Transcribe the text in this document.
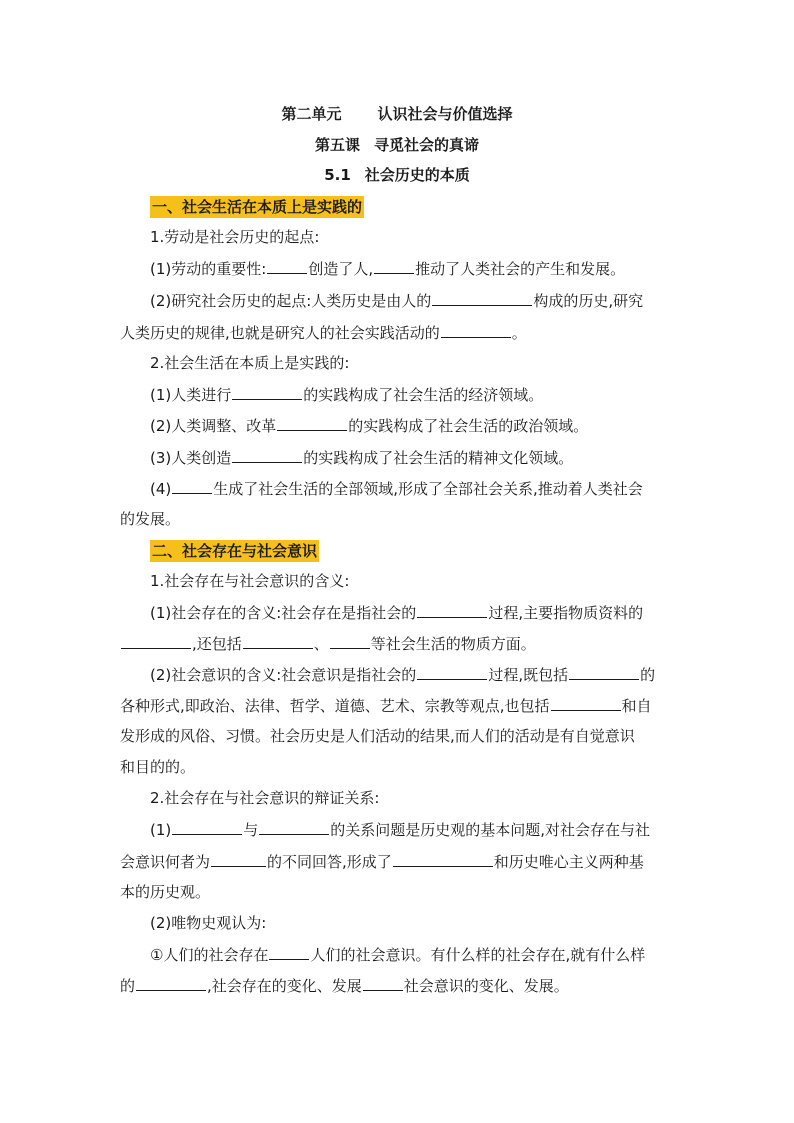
第二单元 认识社会与价值选择
第五课 寻觅社会的真谛
5.1 社会历史的本质
一、社会生活在本质上是实践的
1.劳动是社会历史的起点:
(1)劳动的重要性:	创造了人,	推动了人类社会的产生和发展。
(2)研究社会历史的起点:人类历史是由人的	构成的历史,研究
人类历史的规律,也就是研究人的社会实践活动的	。
2.社会生活在本质上是实践的:
(1)人类进行	的实践构成了社会生活的经济领域。
(2)人类调整、改革	的实践构成了社会生活的政治领域。
(3)人类创造	的实践构成了社会生活的精神文化领域。
(4)	生成了社会生活的全部领域,形成了全部社会关系,推动着人类社会
的发展。
二、社会存在与社会意识
1.社会存在与社会意识的含义:
(1)社会存在的含义:社会存在是指社会的	过程,主要指物质资料的
,还包括	、	等社会生活的物质方面。
(2)社会意识的含义:社会意识是指社会的	过程,既包括	的
各种形式,即政治、法律、哲学、道德、艺术、宗教等观点,也包括	和自
发形成的风俗、习惯。社会历史是人们活动的结果,而人们的活动是有自觉意识
和目的的。
2.社会存在与社会意识的辩证关系:
(1)	与	的关系问题是历史观的基本问题,对社会存在与社
会意识何者为	的不同回答,形成了	和历史唯心主义两种基
本的历史观。
(2)唯物史观认为:
①人们的社会存在	人们的社会意识。有什么样的社会存在,就有什么样
的	,社会存在的变化、发展	社会意识的变化、发展。
